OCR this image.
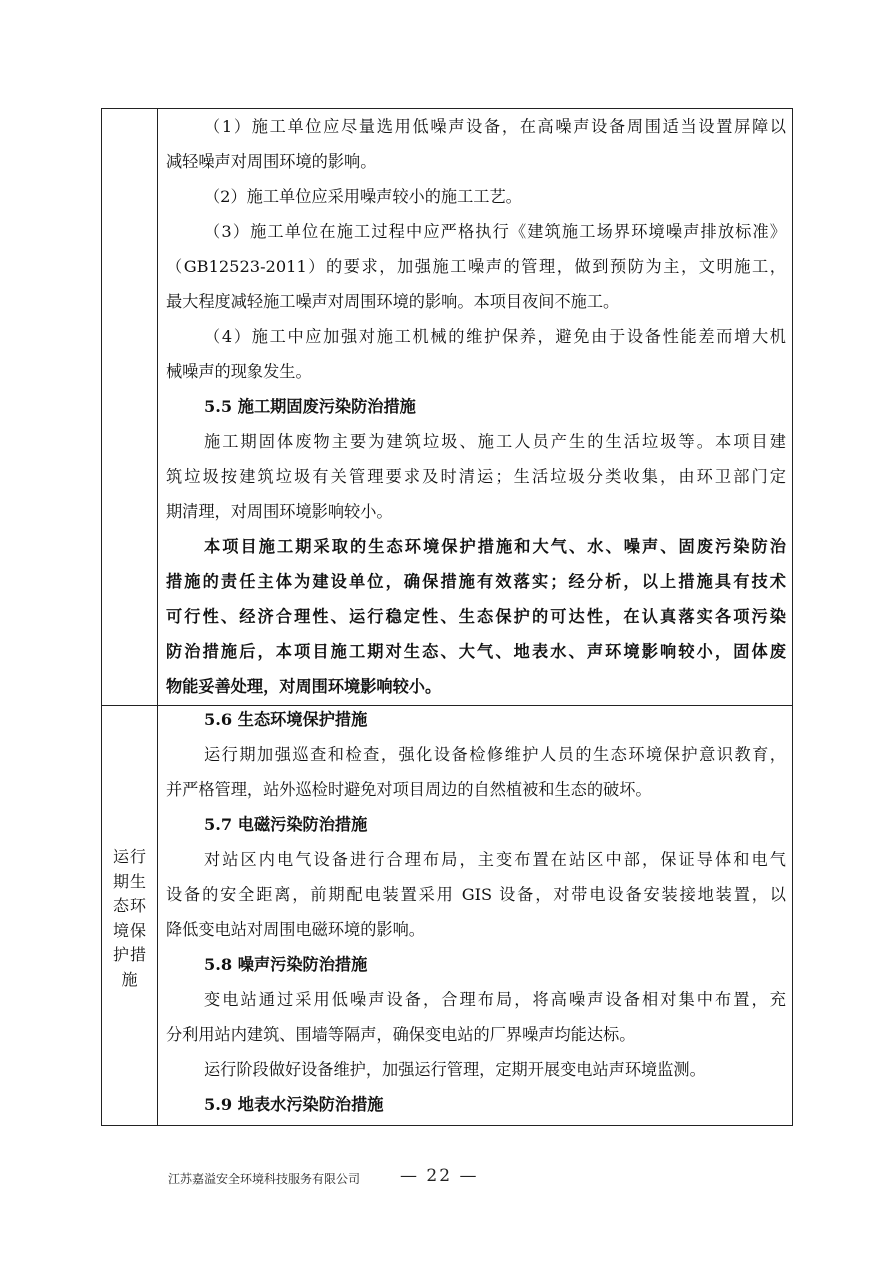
（1）施工单位应尽量选用低噪声设备，在高噪声设备周围适当设置屏障以
减轻噪声对周围环境的影响。
（2）施工单位应采用噪声较小的施工工艺。
（3）施工单位在施工过程中应严格执行《建筑施工场界环境噪声排放标准》
（GB12523-2011）的要求，加强施工噪声的管理，做到预防为主，文明施工，
最大程度减轻施工噪声对周围环境的影响。本项目夜间不施工。
（4）施工中应加强对施工机械的维护保养，避免由于设备性能差而增大机
械噪声的现象发生。
5.5 施工期固废污染防治措施
施工期固体废物主要为建筑垃圾、施工人员产生的生活垃圾等。本项目建
筑垃圾按建筑垃圾有关管理要求及时清运；生活垃圾分类收集，由环卫部门定
期清理，对周围环境影响较小。
本项目施工期采取的生态环境保护措施和大气、水、噪声、固废污染防治
措施的责任主体为建设单位，确保措施有效落实；经分析，以上措施具有技术
可行性、经济合理性、运行稳定性、生态保护的可达性，在认真落实各项污染
防治措施后，本项目施工期对生态、大气、地表水、声环境影响较小，固体废
物能妥善处理，对周围环境影响较小。
运行
期生
态环
境保
护措
施
5.6 生态环境保护措施
运行期加强巡查和检查，强化设备检修维护人员的生态环境保护意识教育，
并严格管理，站外巡检时避免对项目周边的自然植被和生态的破坏。
5.7 电磁污染防治措施
对站区内电气设备进行合理布局，主变布置在站区中部，保证导体和电气
设备的安全距离，前期配电装置采用 GIS 设备，对带电设备安装接地装置，以
降低变电站对周围电磁环境的影响。
5.8 噪声污染防治措施
变电站通过采用低噪声设备，合理布局，将高噪声设备相对集中布置，充
分利用站内建筑、围墙等隔声，确保变电站的厂界噪声均能达标。
运行阶段做好设备维护，加强运行管理，定期开展变电站声环境监测。
5.9 地表水污染防治措施
江苏嘉溢安全环境科技服务有限公司 — 22 —
